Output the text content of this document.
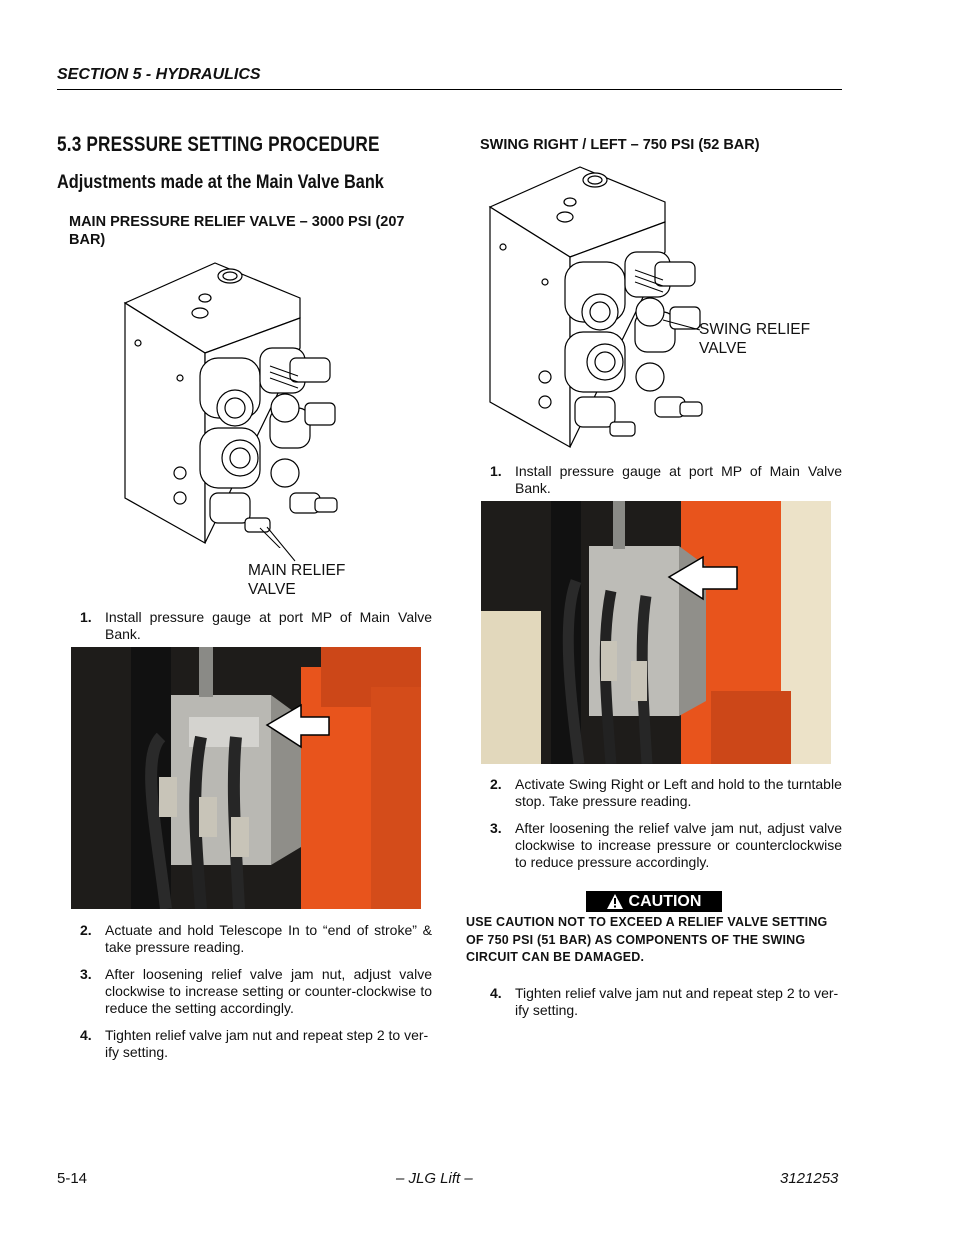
SECTION 5 - HYDRAULICS
5.3 PRESSURE SETTING PROCEDURE
Adjustments made at the Main Valve Bank
MAIN PRESSURE RELIEF VALVE – 3000 PSI (207 BAR)
MAIN RELIEF
VALVE
1. Install pressure gauge at port MP of Main Valve Bank.
2. Actuate and hold Telescope In to “end of stroke” & take pressure reading.
3. After loosening relief valve jam nut, adjust valve clockwise to increase setting or counter-clockwise to reduce the setting accordingly.
4. Tighten relief valve jam nut and repeat step 2 to ver-ify setting.
SWING RIGHT / LEFT – 750 PSI (52 BAR)
SWING RELIEF
VALVE
1. Install pressure gauge at port MP of Main Valve Bank.
2. Activate Swing Right or Left and hold to the turntable stop. Take pressure reading.
3. After loosening the relief valve jam nut, adjust valve clockwise to increase pressure or counterclockwise to reduce pressure accordingly.
CAUTION
USE CAUTION NOT TO EXCEED A RELIEF VALVE SETTING OF 750 PSI (51 BAR) AS COMPONENTS OF THE SWING CIRCUIT CAN BE DAMAGED.
4. Tighten relief valve jam nut and repeat step 2 to ver-ify setting.
5-14	– JLG Lift –	3121253
